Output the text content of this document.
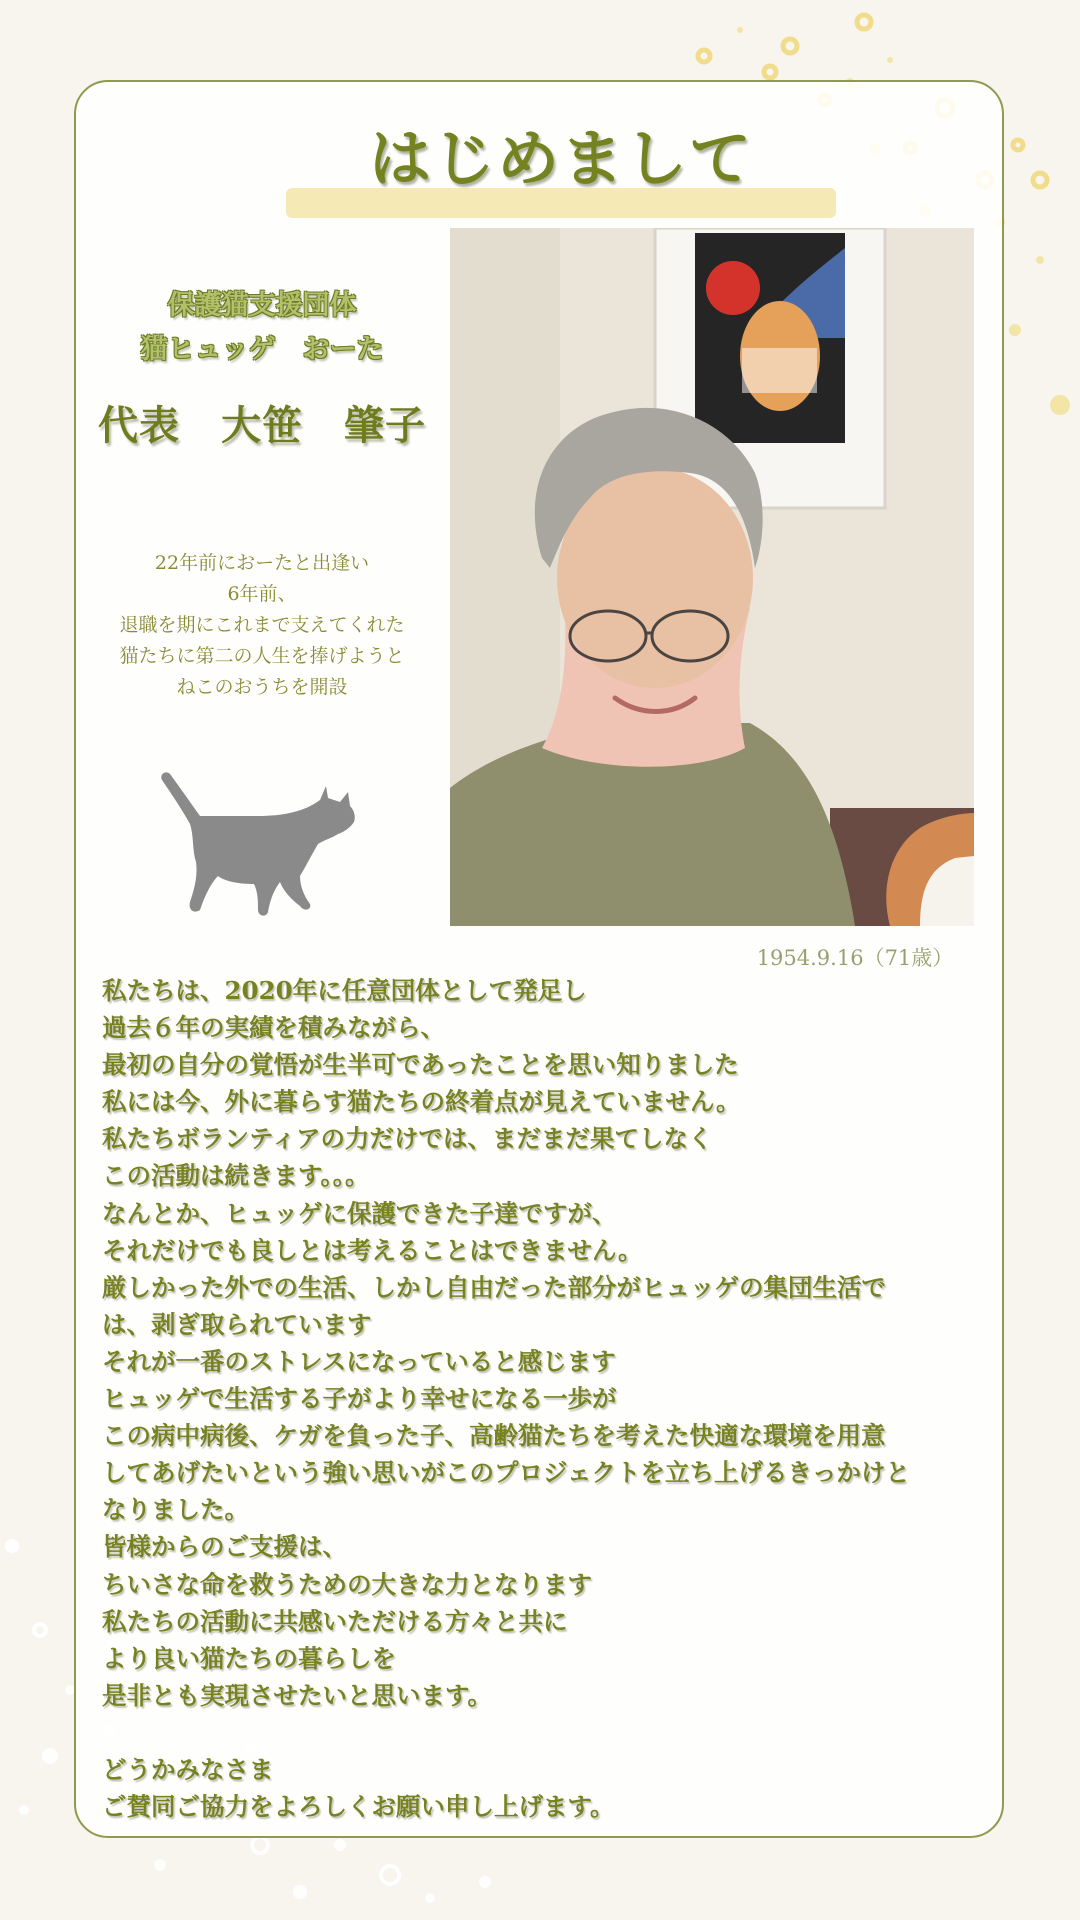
はじめまして
保護猫支援団体
猫ヒュッゲ　おーた
代表　大笹　肇子
22年前におーたと出逢い
6年前、
退職を期にこれまで支えてくれた
猫たちに第二の人生を捧げようと
ねこのおうちを開設
1954.9.16（71歳）
私たちは、2020年に任意団体として発足し
過去６年の実績を積みながら、
最初の自分の覚悟が生半可であったことを思い知りました
私には今、外に暮らす猫たちの終着点が見えていません。
私たちボランティアの力だけでは、まだまだ果てしなく
この活動は続きます。。。
なんとか、ヒュッゲに保護できた子達ですが、
それだけでも良しとは考えることはできません。
厳しかった外での生活、しかし自由だった部分がヒュッゲの集団生活で
は、剥ぎ取られています
それが一番のストレスになっていると感じます
ヒュッゲで生活する子がより幸せになる一歩が
この病中病後、ケガを負った子、高齢猫たちを考えた快適な環境を用意
してあげたいという強い思いがこのプロジェクトを立ち上げるきっかけと
なりました。
皆様からのご支援は、
ちいさな命を救うための大きな力となります
私たちの活動に共感いただける方々と共に
より良い猫たちの暮らしを
是非とも実現させたいと思います。

どうかみなさま
ご賛同ご協力をよろしくお願い申し上げます。
